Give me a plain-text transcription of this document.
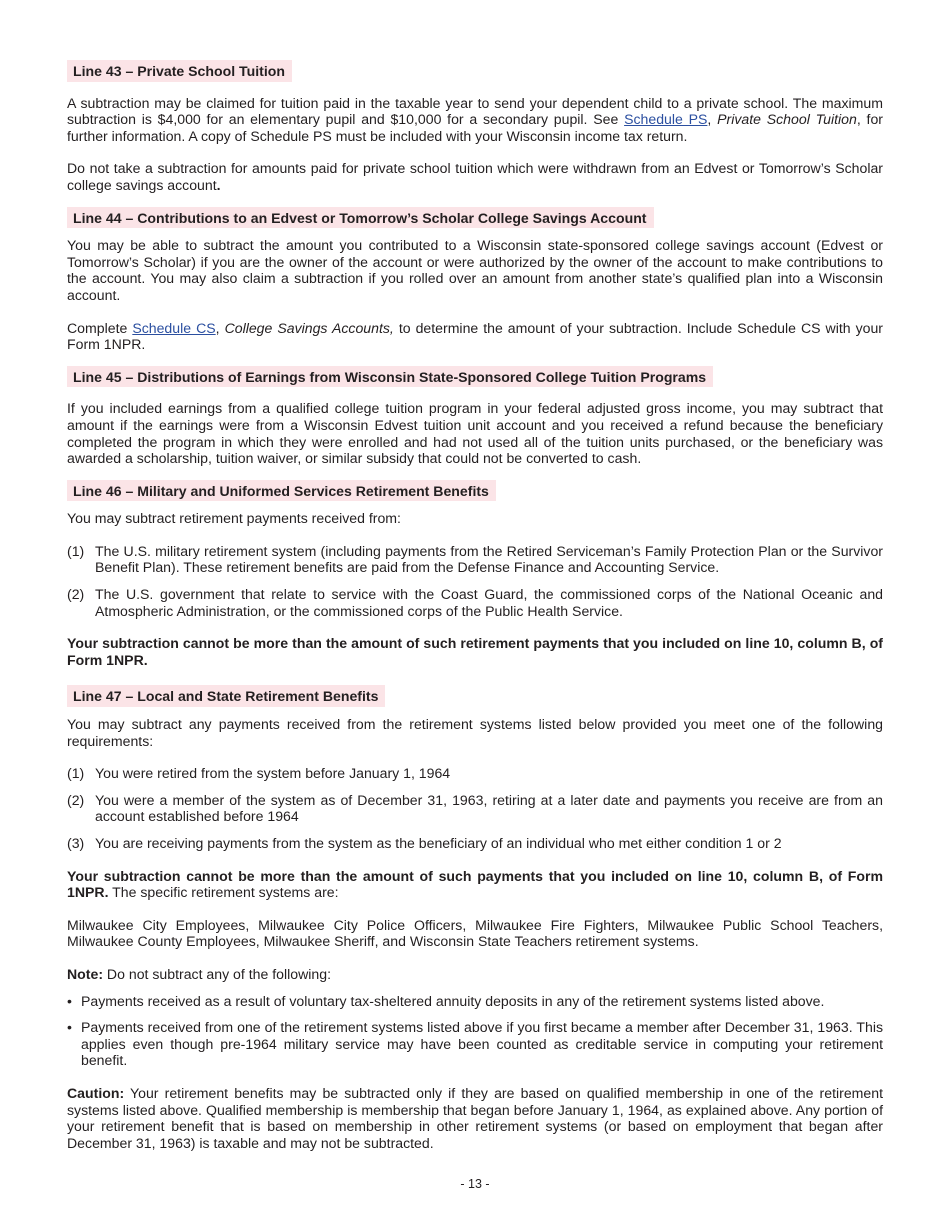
Line 43 – Private School Tuition

A subtraction may be claimed for tuition paid in the taxable year to send your dependent child to a private school. The maximum subtraction is $4,000 for an elementary pupil and $10,000 for a secondary pupil. See Schedule PS, Private School Tuition, for further information. A copy of Schedule PS must be included with your Wisconsin income tax return.

Do not take a subtraction for amounts paid for private school tuition which were withdrawn from an Edvest or Tomorrow’s Scholar college savings account.

Line 44 – Contributions to an Edvest or Tomorrow’s Scholar College Savings Account

You may be able to subtract the amount you contributed to a Wisconsin state-sponsored college savings account (Edvest or Tomorrow’s Scholar) if you are the owner of the account or were authorized by the owner of the account to make contributions to the account. You may also claim a subtraction if you rolled over an amount from another state’s qualified plan into a Wisconsin account.

Complete Schedule CS, College Savings Accounts, to determine the amount of your subtraction. Include Schedule CS with your Form 1NPR.

Line 45 – Distributions of Earnings from Wisconsin State-Sponsored College Tuition Programs

If you included earnings from a qualified college tuition program in your federal adjusted gross income, you may subtract that amount if the earnings were from a Wisconsin Edvest tuition unit account and you received a refund because the beneficiary completed the program in which they were enrolled and had not used all of the tuition units purchased, or the beneficiary was awarded a scholarship, tuition waiver, or similar subsidy that could not be converted to cash.

Line 46 – Military and Uniformed Services Retirement Benefits

You may subtract retirement payments received from:

(1) The U.S. military retirement system (including payments from the Retired Serviceman’s Family Protection Plan or the Survivor Benefit Plan). These retirement benefits are paid from the Defense Finance and Accounting Service.
(2) The U.S. government that relate to service with the Coast Guard, the commissioned corps of the National Oceanic and Atmospheric Administration, or the commissioned corps of the Public Health Service.

Your subtraction cannot be more than the amount of such retirement payments that you included on line 10, column B, of Form 1NPR.

Line 47 – Local and State Retirement Benefits

You may subtract any payments received from the retirement systems listed below provided you meet one of the following requirements:

(1) You were retired from the system before January 1, 1964
(2) You were a member of the system as of December 31, 1963, retiring at a later date and payments you receive are from an account established before 1964
(3) You are receiving payments from the system as the beneficiary of an individual who met either condition 1 or 2

Your subtraction cannot be more than the amount of such payments that you included on line 10, column B, of Form 1NPR. The specific retirement systems are:

Milwaukee City Employees, Milwaukee City Police Officers, Milwaukee Fire Fighters, Milwaukee Public School Teachers, Milwaukee County Employees, Milwaukee Sheriff, and Wisconsin State Teachers retirement systems.

Note: Do not subtract any of the following:

• Payments received as a result of voluntary tax-sheltered annuity deposits in any of the retirement systems listed above.
• Payments received from one of the retirement systems listed above if you first became a member after December 31, 1963. This applies even though pre-1964 military service may have been counted as creditable service in computing your retirement benefit.

Caution: Your retirement benefits may be subtracted only if they are based on qualified membership in one of the retirement systems listed above. Qualified membership is membership that began before January 1, 1964, as explained above. Any portion of your retirement benefit that is based on membership in other retirement systems (or based on employment that began after December 31, 1963) is taxable and may not be subtracted.

- 13 -
